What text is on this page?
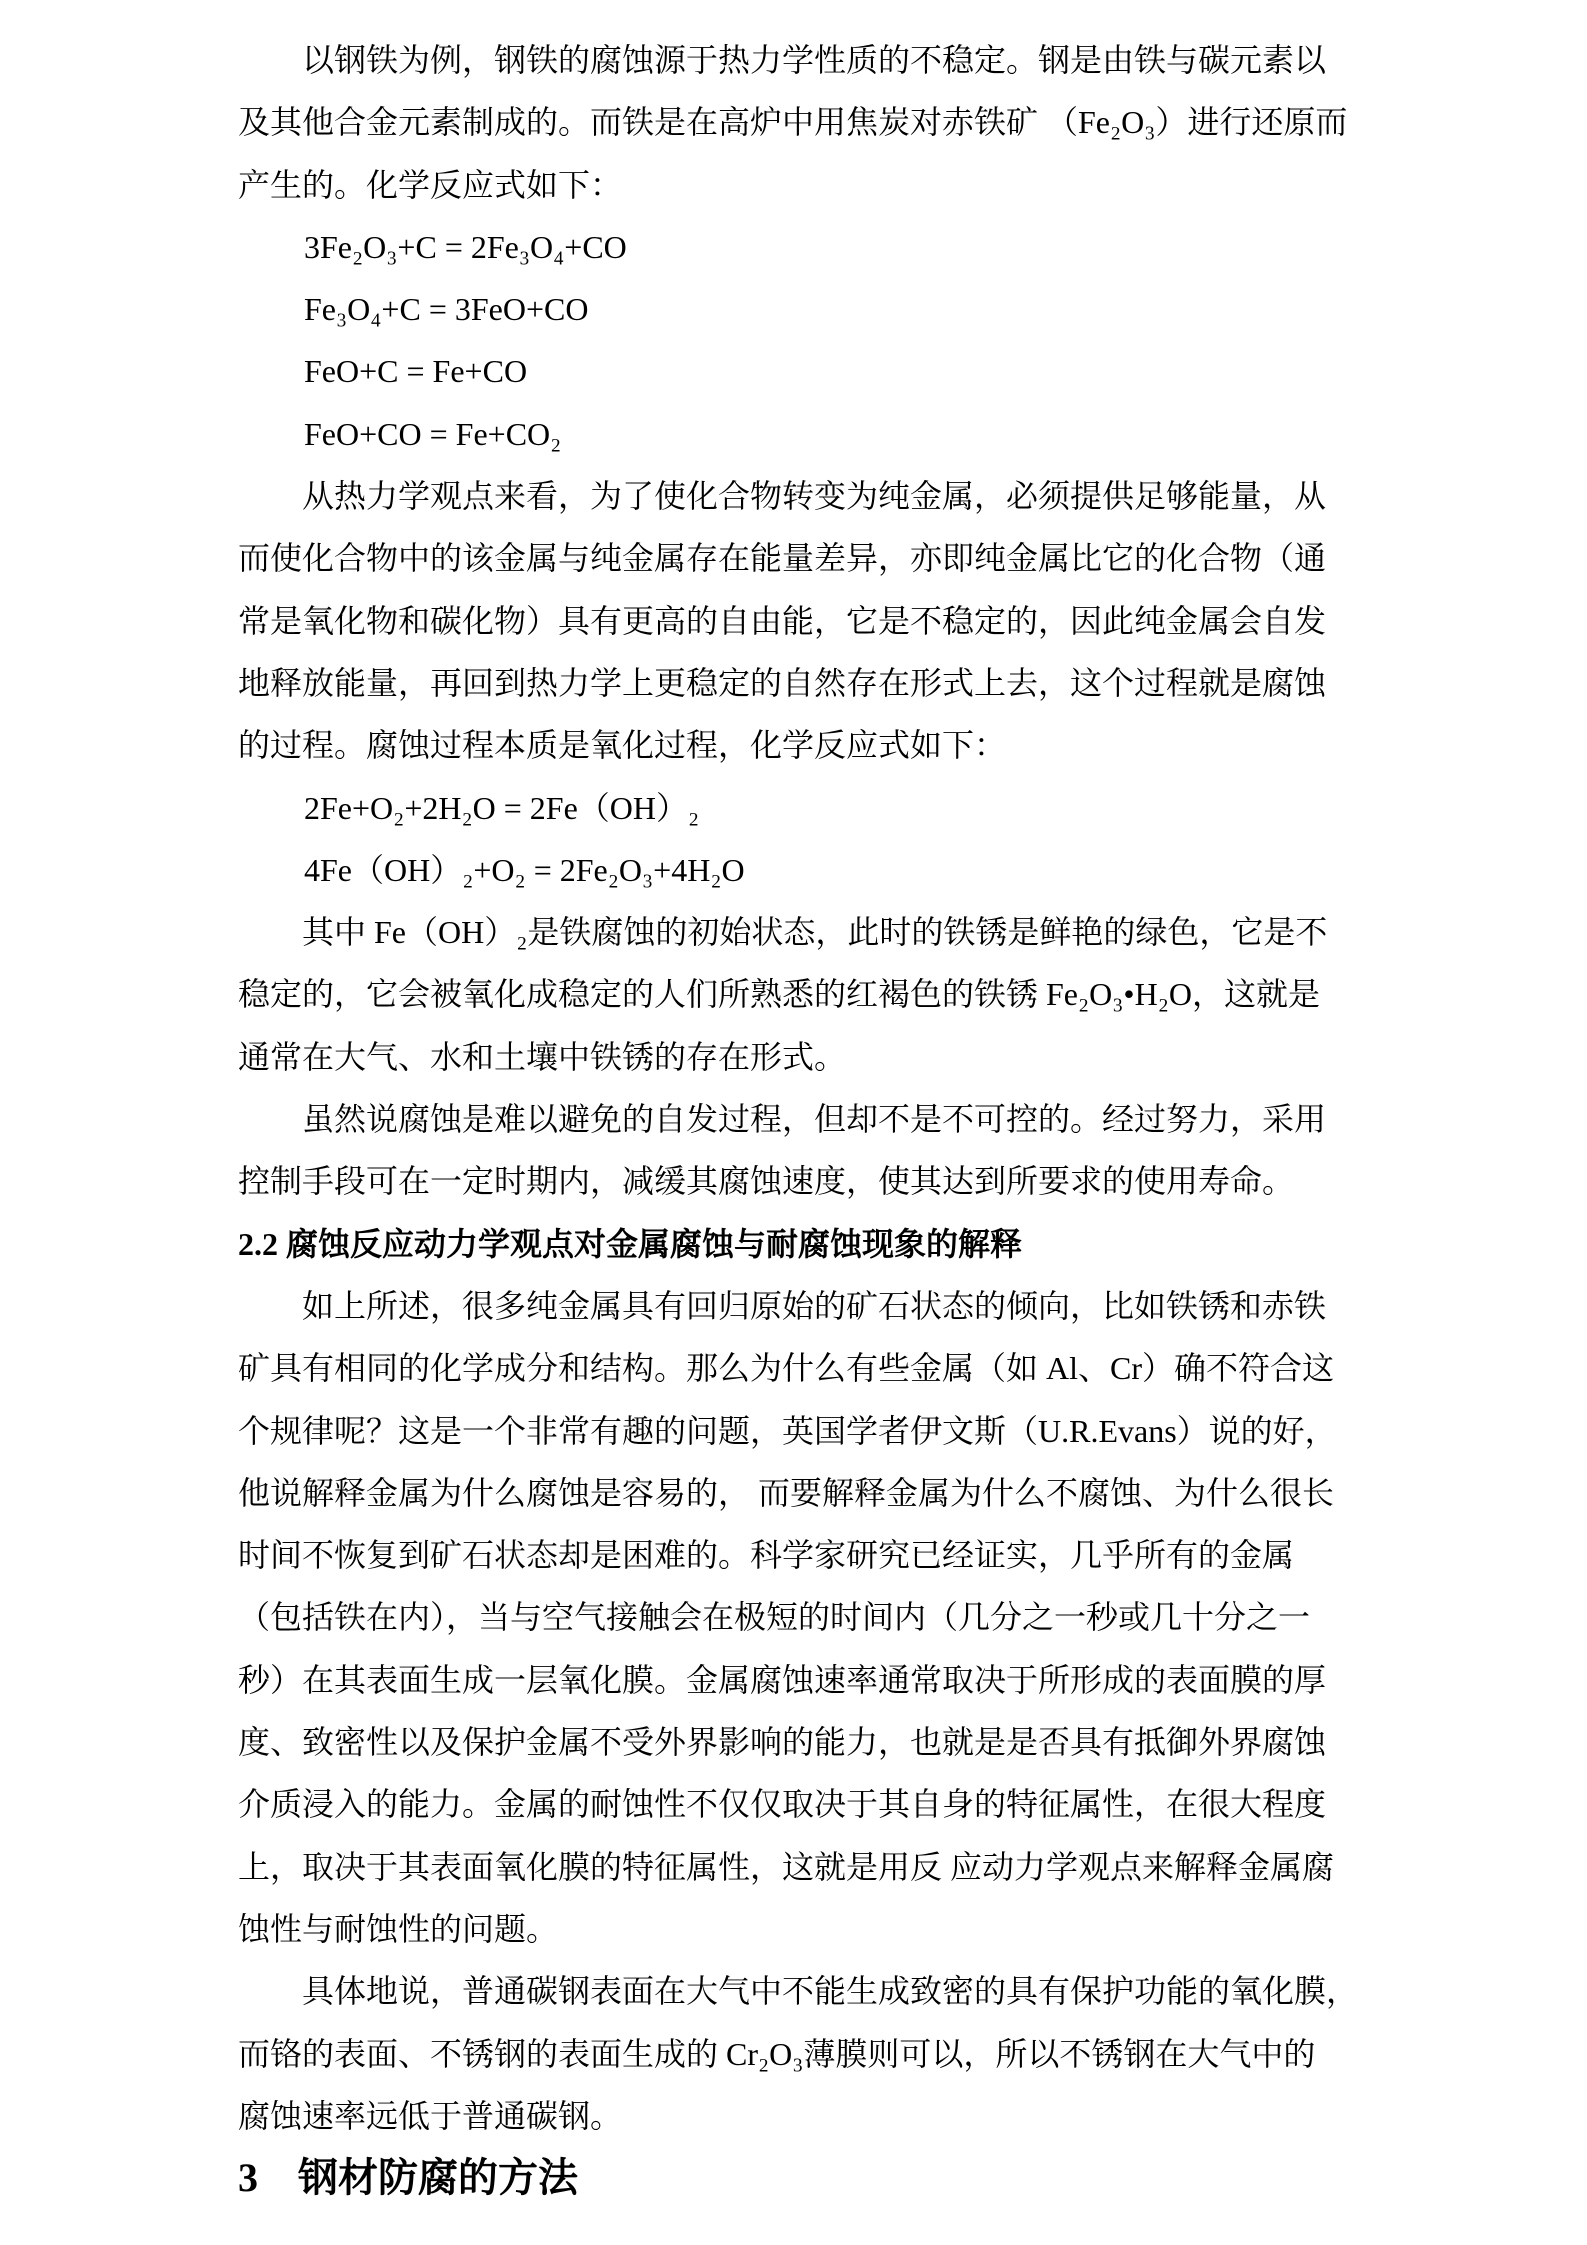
以钢铁为例，钢铁的腐蚀源于热力学性质的不稳定。钢是由铁与碳元素以
及其他合金元素制成的。而铁是在高炉中用焦炭对赤铁矿 （Fe₂O₃）进行还原而
产生的。化学反应式如下：
3Fe₂O₃+C = 2Fe₃O₄+CO
Fe₃O₄+C = 3FeO+CO
FeO+C = Fe+CO
FeO+CO = Fe+CO₂
从热力学观点来看，为了使化合物转变为纯金属，必须提供足够能量，从
而使化合物中的该金属与纯金属存在能量差异，亦即纯金属比它的化合物（通
常是氧化物和碳化物）具有更高的自由能，它是不稳定的，因此纯金属会自发
地释放能量，再回到热力学上更稳定的自然存在形式上去，这个过程就是腐蚀
的过程。腐蚀过程本质是氧化过程，化学反应式如下：
2Fe+O₂+2H₂O = 2Fe（OH）₂
4Fe（OH）₂+O₂ = 2Fe₂O₃+4H₂O
其中 Fe（OH）₂是铁腐蚀的初始状态，此时的铁锈是鲜艳的绿色，它是不
稳定的，它会被氧化成稳定的人们所熟悉的红褐色的铁锈 Fe₂O₃•H₂O，这就是
通常在大气、水和土壤中铁锈的存在形式。
虽然说腐蚀是难以避免的自发过程，但却不是不可控的。经过努力，采用
控制手段可在一定时期内，减缓其腐蚀速度，使其达到所要求的使用寿命。
2.2 腐蚀反应动力学观点对金属腐蚀与耐腐蚀现象的解释
如上所述，很多纯金属具有回归原始的矿石状态的倾向，比如铁锈和赤铁
矿具有相同的化学成分和结构。那么为什么有些金属（如 Al、Cr）确不符合这
个规律呢？这是一个非常有趣的问题，英国学者伊文斯（U.R.Evans）说的好，
他说解释金属为什么腐蚀是容易的， 而要解释金属为什么不腐蚀、为什么很长
时间不恢复到矿石状态却是困难的。科学家研究已经证实，几乎所有的金属
（包括铁在内），当与空气接触会在极短的时间内（几分之一秒或几十分之一
秒）在其表面生成一层氧化膜。金属腐蚀速率通常取决于所形成的表面膜的厚
度、致密性以及保护金属不受外界影响的能力，也就是是否具有抵御外界腐蚀
介质浸入的能力。金属的耐蚀性不仅仅取决于其自身的特征属性，在很大程度
上，取决于其表面氧化膜的特征属性，这就是用反 应动力学观点来解释金属腐
蚀性与耐蚀性的问题。
具体地说，普通碳钢表面在大气中不能生成致密的具有保护功能的氧化膜，
而铬的表面、不锈钢的表面生成的 Cr₂O₃薄膜则可以，所以不锈钢在大气中的
腐蚀速率远低于普通碳钢。
3　钢材防腐的方法
